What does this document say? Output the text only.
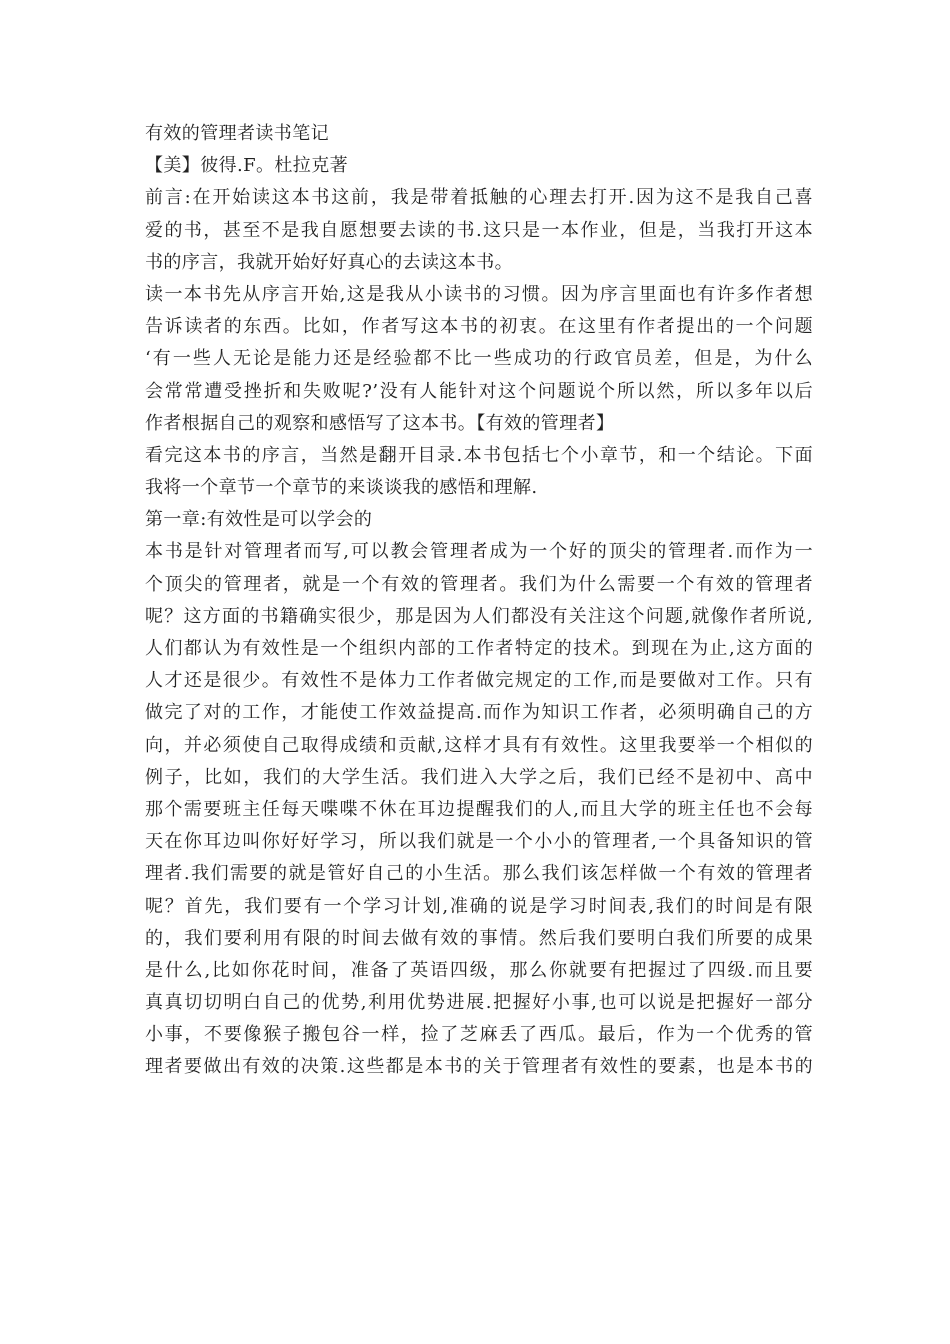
有效的管理者读书笔记
【美】彼得.F。杜拉克著
前言:在开始读这本书这前，我是带着抵触的心理去打开.因为这不是我自己喜
爱的书，甚至不是我自愿想要去读的书.这只是一本作业，但是，当我打开这本
书的序言，我就开始好好真心的去读这本书。
读一本书先从序言开始,这是我从小读书的习惯。因为序言里面也有许多作者想
告诉读者的东西。比如，作者写这本书的初衷。在这里有作者提出的一个问题
‘有一些人无论是能力还是经验都不比一些成功的行政官员差，但是，为什么
会常常遭受挫折和失败呢?’没有人能针对这个问题说个所以然，所以多年以后
作者根据自己的观察和感悟写了这本书。【有效的管理者】
看完这本书的序言，当然是翻开目录.本书包括七个小章节，和一个结论。下面
我将一个章节一个章节的来谈谈我的感悟和理解.
第一章:有效性是可以学会的
本书是针对管理者而写,可以教会管理者成为一个好的顶尖的管理者.而作为一
个顶尖的管理者，就是一个有效的管理者。我们为什么需要一个有效的管理者
呢？这方面的书籍确实很少，那是因为人们都没有关注这个问题,就像作者所说,
人们都认为有效性是一个组织内部的工作者特定的技术。到现在为止,这方面的
人才还是很少。有效性不是体力工作者做完规定的工作,而是要做对工作。只有
做完了对的工作，才能使工作效益提高.而作为知识工作者，必须明确自己的方
向，并必须使自己取得成绩和贡献,这样才具有有效性。这里我要举一个相似的
例子，比如，我们的大学生活。我们进入大学之后，我们已经不是初中、高中
那个需要班主任每天喋喋不休在耳边提醒我们的人,而且大学的班主任也不会每
天在你耳边叫你好好学习，所以我们就是一个小小的管理者,一个具备知识的管
理者.我们需要的就是管好自己的小生活。那么我们该怎样做一个有效的管理者
呢？首先，我们要有一个学习计划,准确的说是学习时间表,我们的时间是有限
的，我们要利用有限的时间去做有效的事情。然后我们要明白我们所要的成果
是什么,比如你花时间，准备了英语四级，那么你就要有把握过了四级.而且要
真真切切明白自己的优势,利用优势进展.把握好小事,也可以说是把握好一部分
小事，不要像猴子搬包谷一样，捡了芝麻丢了西瓜。最后，作为一个优秀的管
理者要做出有效的决策.这些都是本书的关于管理者有效性的要素，也是本书的
